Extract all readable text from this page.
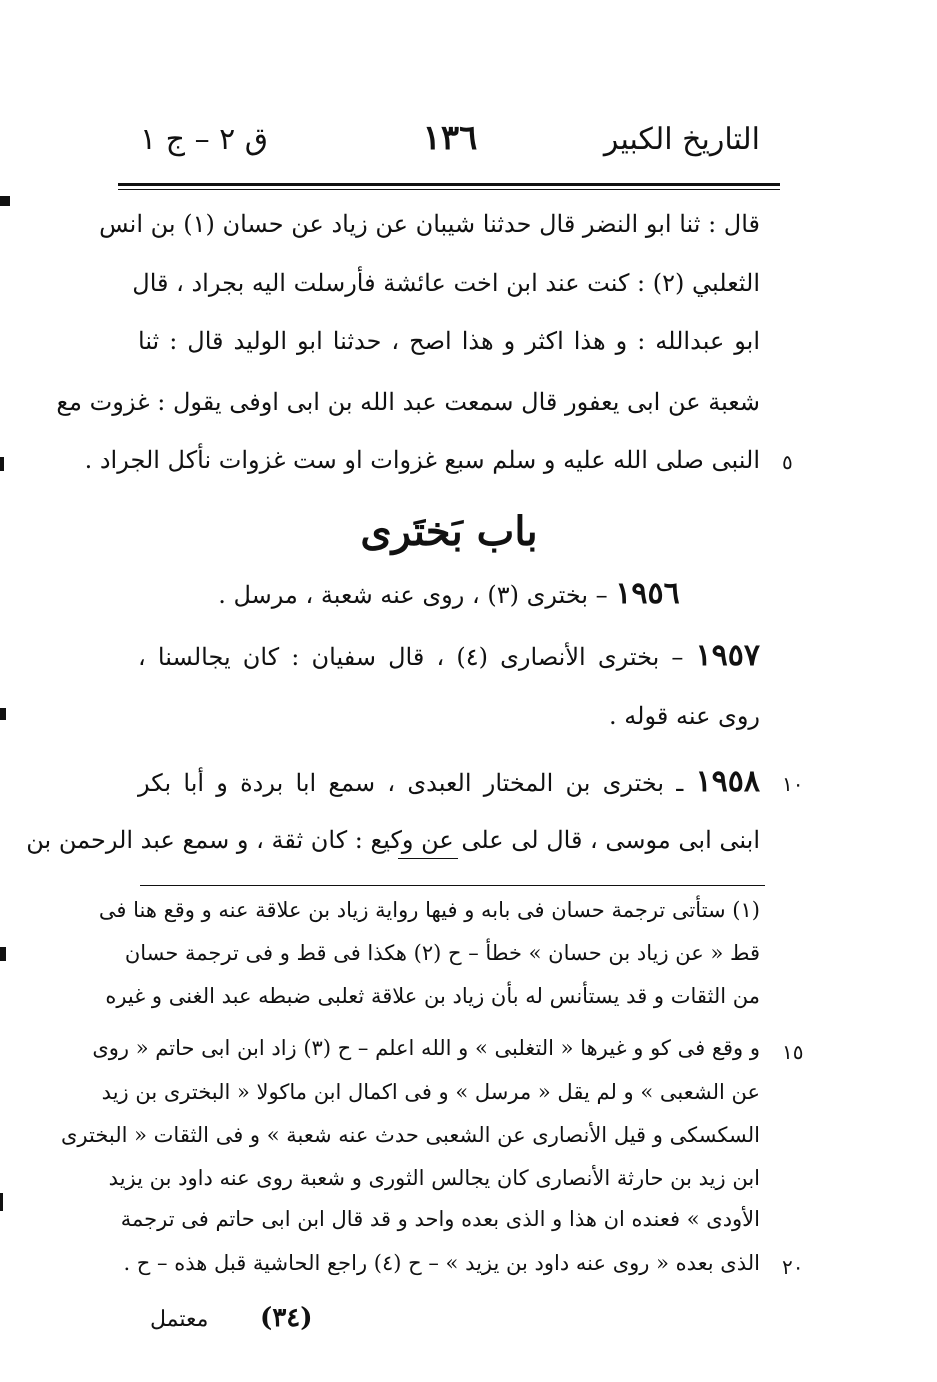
التاريخ الكبير
١٣٦
ق ٢ – ج ١
قال : ثنا ابو النضر قال حدثنا شيبان عن زياد عن حسان (١) بن انس
الثعلبي (٢) : كنت عند ابن اخت عائشة فأرسلت اليه بجراد ، قال
ابو عبدالله : و هذا اكثر و هذا اصح ، حدثنا ابو الوليد قال : ثنا
شعبة عن ابى يعفور قال سمعت عبد الله بن ابى اوفى يقول : غزوت مع
النبى صلى الله عليه و سلم سبع غزوات او ست غزوات نأكل الجراد . ٥
باب بَختَرى
١٩٥٦ – بختری (٣) ، روى عنه شعبة ، مرسل .
١٩٥٧ – بختری الأنصاری (٤) ، قال سفيان : كان يجالسنا ،
روى عنه قوله .
١٩٥٨ ـ بختری بن المختار العبدی ، سمع ابا بردة و أبا بكر	١٠
ابنى ابى موسى ، قال لى على عن وكيع : كان ثقة ، و سمع عبد الرحمن بن
(١) ستأتى ترجمة حسان فى بابه و فيها رواية زياد بن علاقة عنه و وقع هنا فى
قط « عن زياد بن حسان » خطأ – ح (٢) هكذا فى قط و فى ترجمة حسان
من الثقات و قد يستأنس له بأن زياد بن علاقة ثعلبى ضبطه عبد الغنى و غيره
و وقع فى كو و غيرها « التغلبى » و الله اعلم – ح (٣) زاد ابن ابى حاتم « روى ١٥
عن الشعبى » و لم يقل « مرسل » و فى اكمال ابن ماكولا « البختری بن زيد
السكسكى و قيل الأنصارى عن الشعبى حدث عنه شعبة » و فى الثقات « البختری
ابن زيد بن حارثة الأنصارى كان يجالس الثورى و شعبة روى عنه داود بن يزيد
الأودى » فعنده ان هذا و الذى بعده واحد و قد قال ابن ابى حاتم فى ترجمة
الذى بعده « روى عنه داود بن يزيد » – ح (٤) راجع الحاشية قبل هذه – ح . ٢٠
معتمل (٣٤)
